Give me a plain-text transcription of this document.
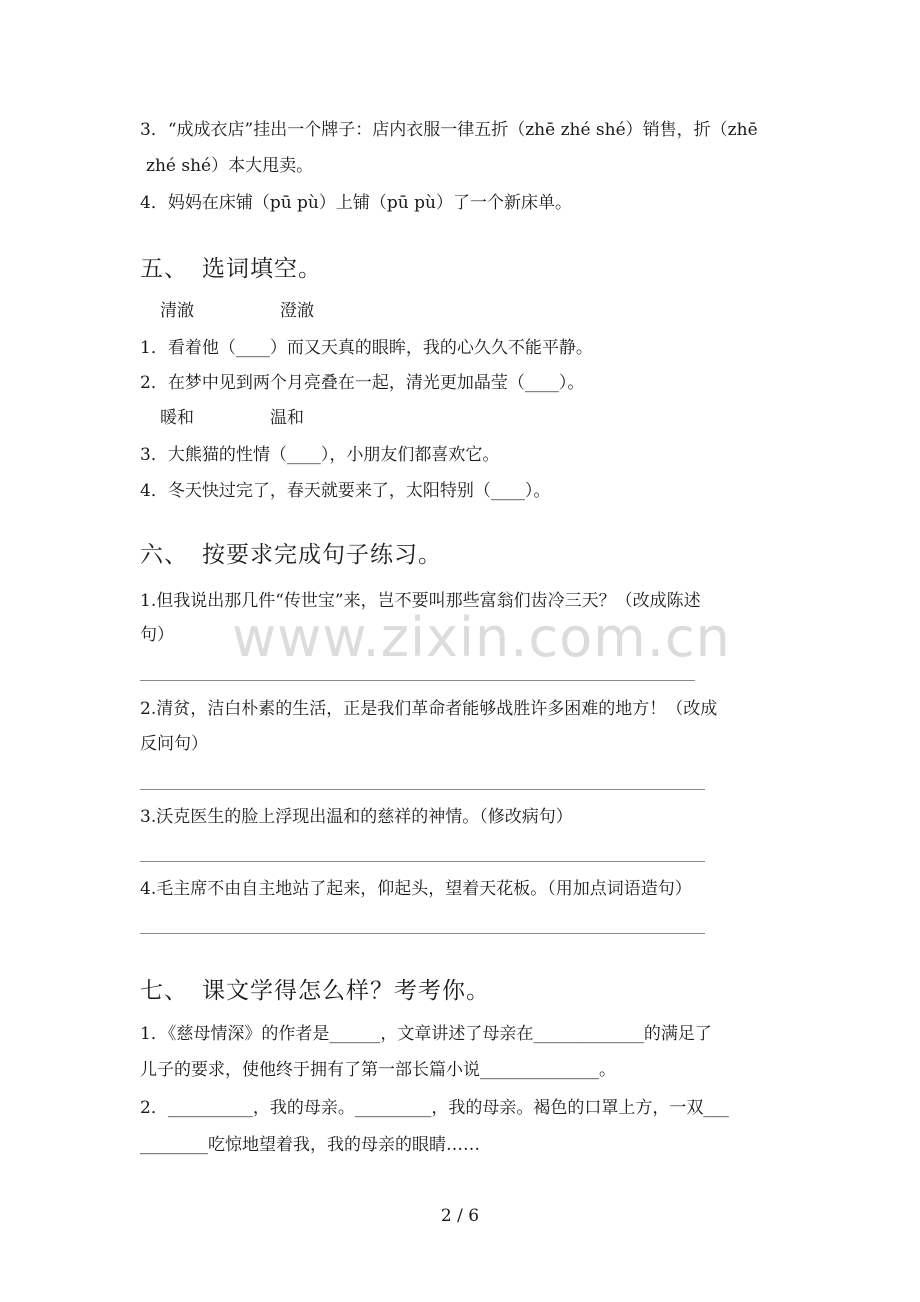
www.zixin.com.cn
3．“成成衣店”挂出一个牌子：店内衣服一律五折（zhē zhé shé）销售，折（zhē
zhé shé）本大甩卖。
4．妈妈在床铺（pū pù）上铺（pū pù）了一个新床单。
五、 选词填空。
清澈	澄澈
1．看着他（____）而又天真的眼眸，我的心久久不能平静。
2．在梦中见到两个月亮叠在一起，清光更加晶莹（____）。
暖和	温和
3．大熊猫的性情（____），小朋友们都喜欢它。
4．冬天快过完了，春天就要来了，太阳特别（____）。
六、 按要求完成句子练习。
1.但我说出那几件“传世宝”来，岂不要叫那些富翁们齿冷三天？（改成陈述
句）
2.清贫，洁白朴素的生活，正是我们革命者能够战胜许多困难的地方！（改成
反问句）
3.沃克医生的脸上浮现出温和的慈祥的神情。（修改病句）
4.毛主席不由自主地站了起来，仰起头，望着天花板。（用加点词语造句）
七、 课文学得怎么样？考考你。
1．《慈母情深》的作者是______，文章讲述了母亲在_____________的满足了
儿子的要求，使他终于拥有了第一部长篇小说______________。
2．__________，我的母亲。_________，我的母亲。褐色的口罩上方，一双___
________吃惊地望着我，我的母亲的眼睛……
2 / 6
